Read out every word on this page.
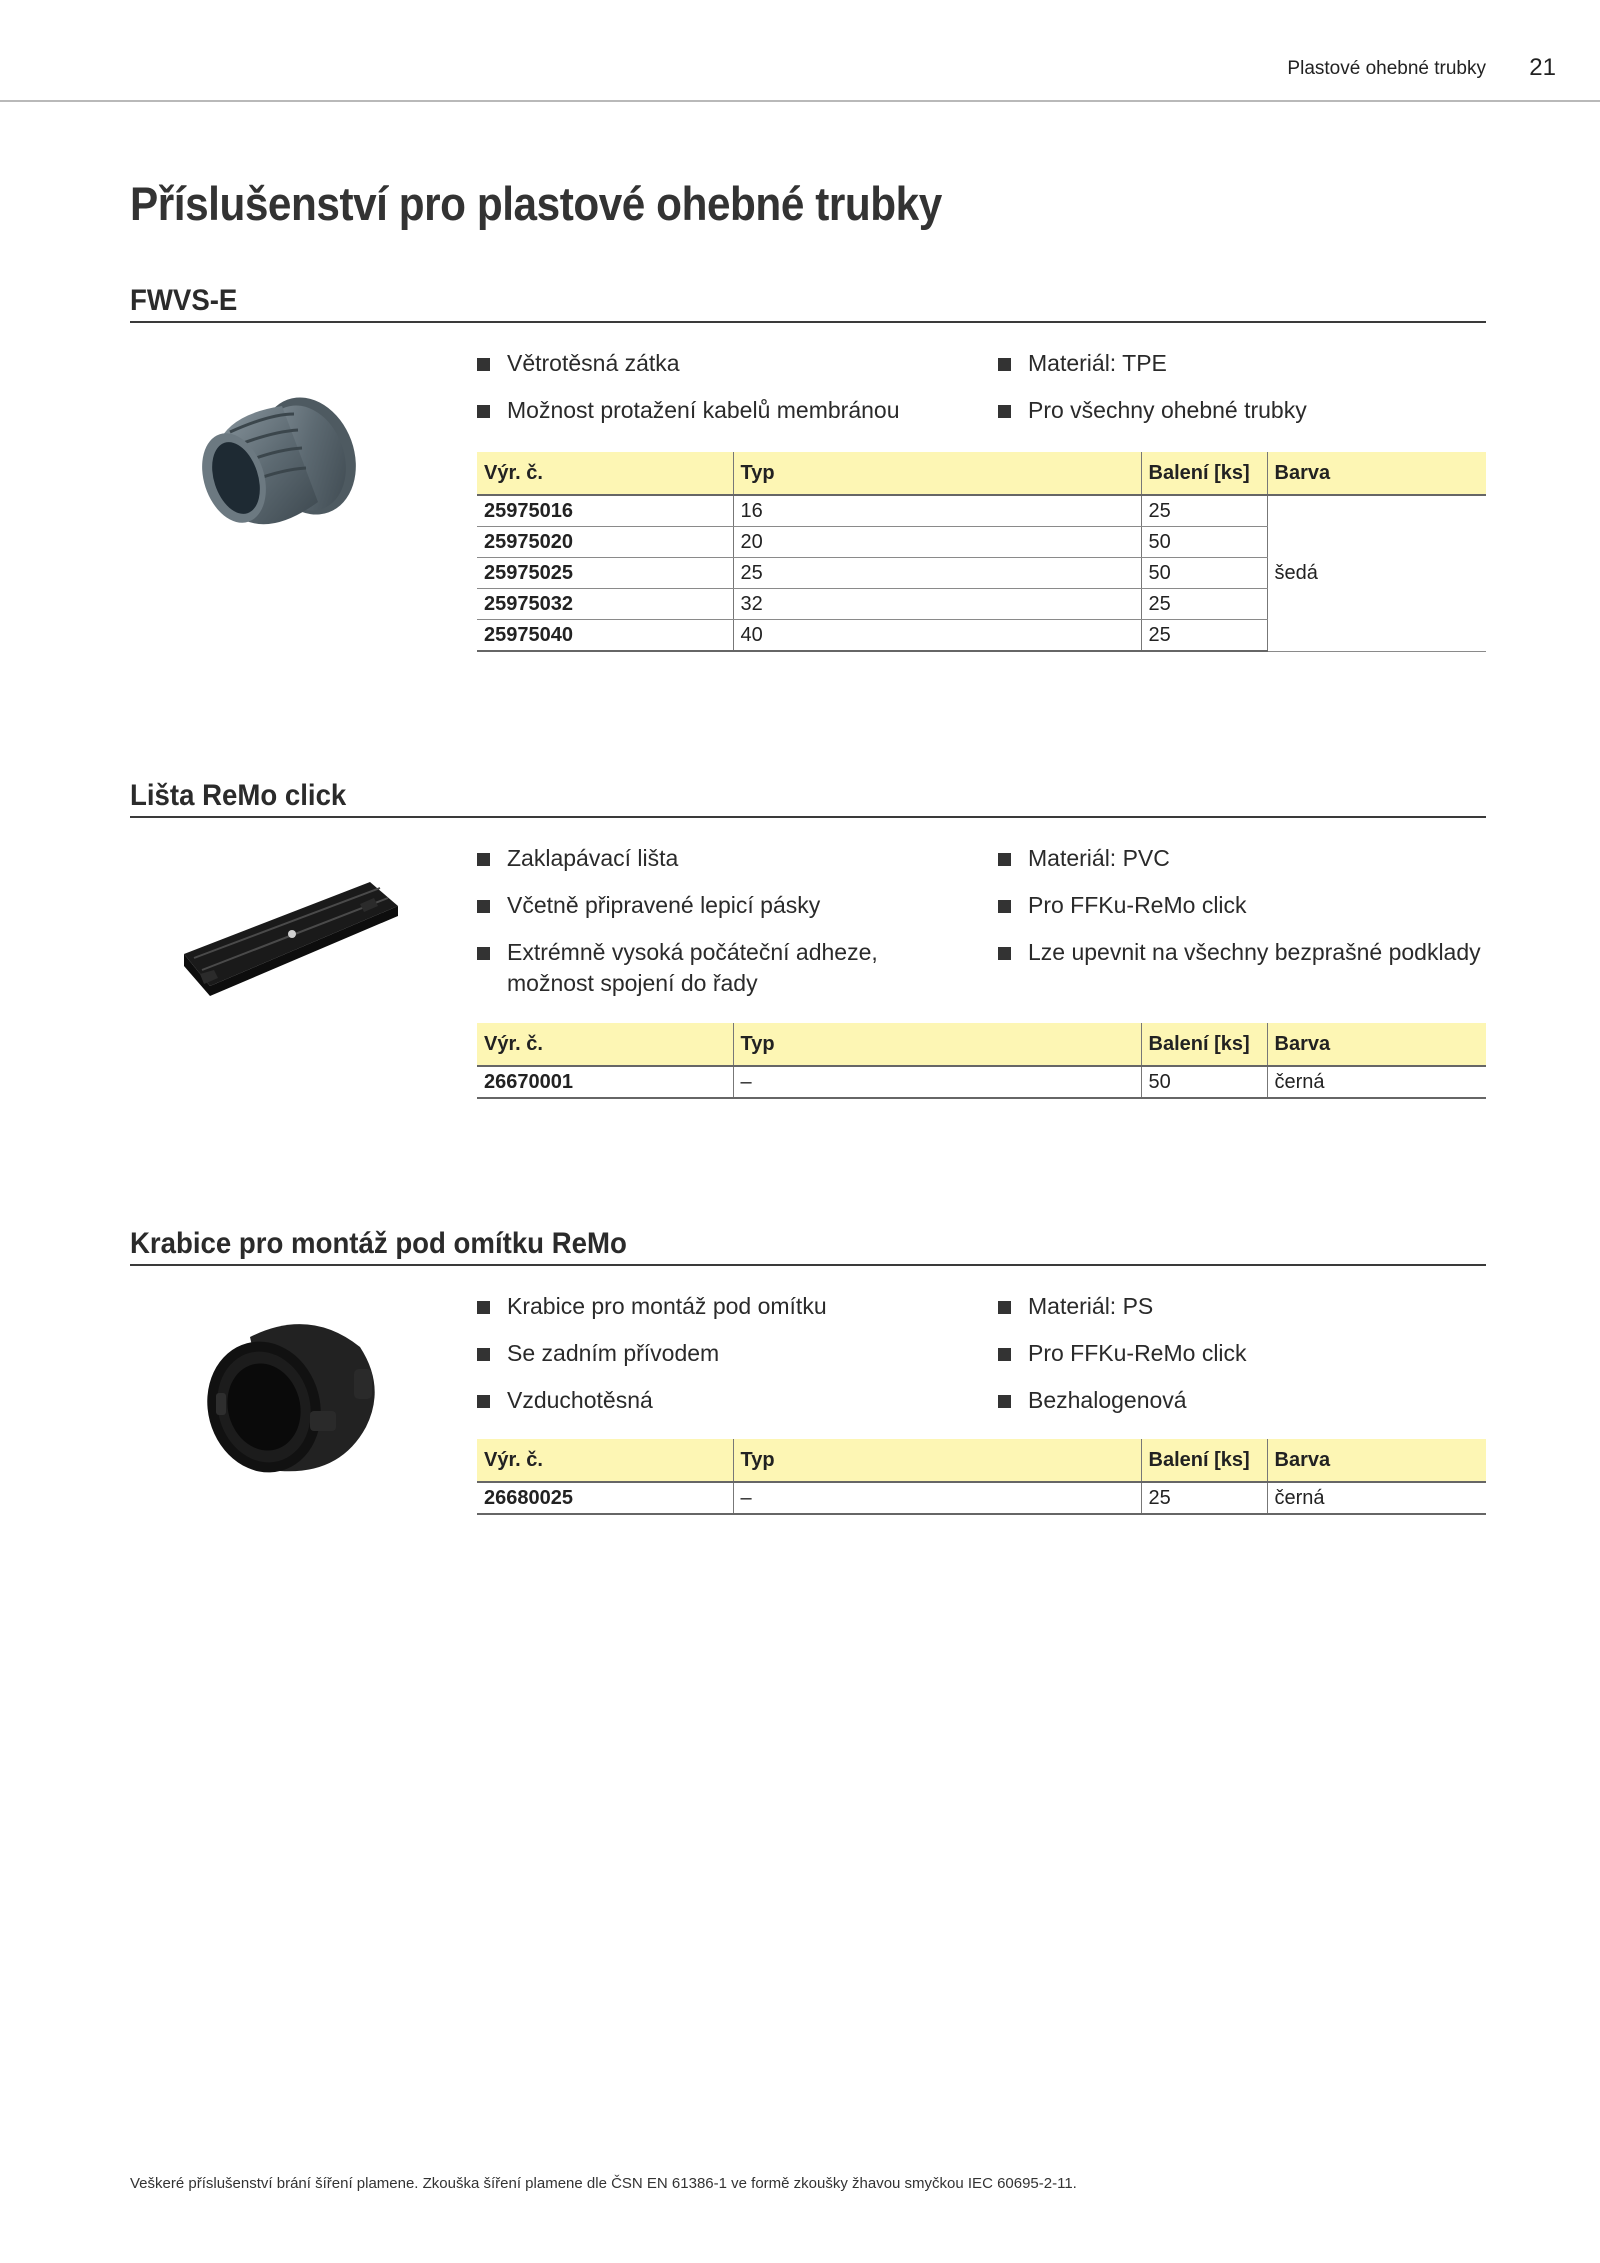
Plastové ohebné trubky 21
Příslušenství pro plastové ohebné trubky
FWVS-E
Větrotěsná zátka
Možnost protažení kabelů membránou
Materiál: TPE
Pro všechny ohebné trubky
Výr. č.	Typ	Balení [ks]	Barva
25975016	16	25	šedá
25975020	20	50	
25975025	25	50	
25975032	32	25	
25975040	40	25	
Lišta ReMo click
Zaklapávací lišta
Včetně připravené lepicí pásky
Extrémně vysoká počáteční adheze,
možnost spojení do řady
Materiál: PVC
Pro FFKu-ReMo click
Lze upevnit na všechny bezprašné podklady
Výr. č.	Typ	Balení [ks]	Barva
26670001	–	50	černá
Krabice pro montáž pod omítku ReMo
Krabice pro montáž pod omítku
Se zadním přívodem
Vzduchotěsná
Materiál: PS
Pro FFKu-ReMo click
Bezhalogenová
Výr. č.	Typ	Balení [ks]	Barva
26680025	–	25	černá
Veškeré příslušenství brání šíření plamene. Zkouška šíření plamene dle ČSN EN 61386-1 ve formě zkoušky žhavou smyčkou IEC 60695-2-11.
